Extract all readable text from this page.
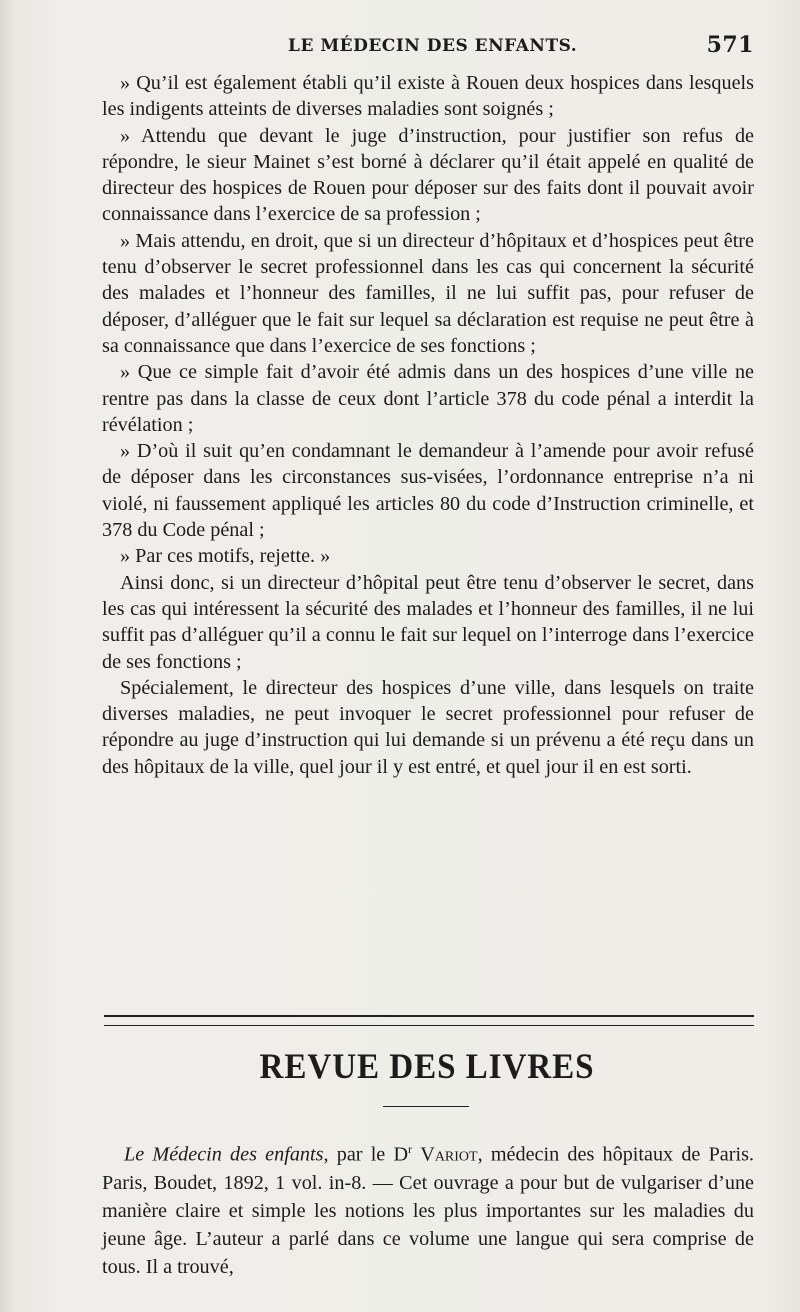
LE MÉDECIN DES ENFANTS.	571

» Qu’il est également établi qu’il existe à Rouen deux hospices dans lesquels les indigents atteints de diverses maladies sont soignés ;

» Attendu que devant le juge d’instruction, pour justifier son refus de répondre, le sieur Mainet s’est borné à déclarer qu’il était appelé en qualité de directeur des hospices de Rouen pour déposer sur des faits dont il pouvait avoir connaissance dans l’exercice de sa profession ;

» Mais attendu, en droit, que si un directeur d’hôpitaux et d’hospices peut être tenu d’observer le secret professionnel dans les cas qui concernent la sécurité des malades et l’honneur des familles, il ne lui suffit pas, pour refuser de déposer, d’alléguer que le fait sur lequel sa déclaration est requise ne peut être à sa connaissance que dans l’exercice de ses fonctions ;

» Que ce simple fait d’avoir été admis dans un des hospices d’une ville ne rentre pas dans la classe de ceux dont l’article 378 du code pénal a interdit la révélation ;

» D’où il suit qu’en condamnant le demandeur à l’amende pour avoir refusé de déposer dans les circonstances sus-visées, l’ordonnance entreprise n’a ni violé, ni faussement appliqué les articles 80 du code d’Instruction criminelle, et 378 du Code pénal ;

» Par ces motifs, rejette. »

Ainsi donc, si un directeur d’hôpital peut être tenu d’observer le secret, dans les cas qui intéressent la sécurité des malades et l’honneur des familles, il ne lui suffit pas d’alléguer qu’il a connu le fait sur lequel on l’interroge dans l’exercice de ses fonctions ;

Spécialement, le directeur des hospices d’une ville, dans lesquels on traite diverses maladies, ne peut invoquer le secret professionnel pour refuser de répondre au juge d’instruction qui lui demande si un prévenu a été reçu dans un des hôpitaux de la ville, quel jour il y est entré, et quel jour il en est sorti.

REVUE DES LIVRES

Le Médecin des enfants, par le $D^r$ Variot, médecin des hôpitaux de Paris. Paris, Boudet, 1892, 1 vol. in-8. — Cet ouvrage a pour but de vulgariser d’une manière claire et simple les notions les plus importantes sur les maladies du jeune âge. L’auteur a parlé dans ce volume une langue qui sera comprise de tous. Il a trouvé,
